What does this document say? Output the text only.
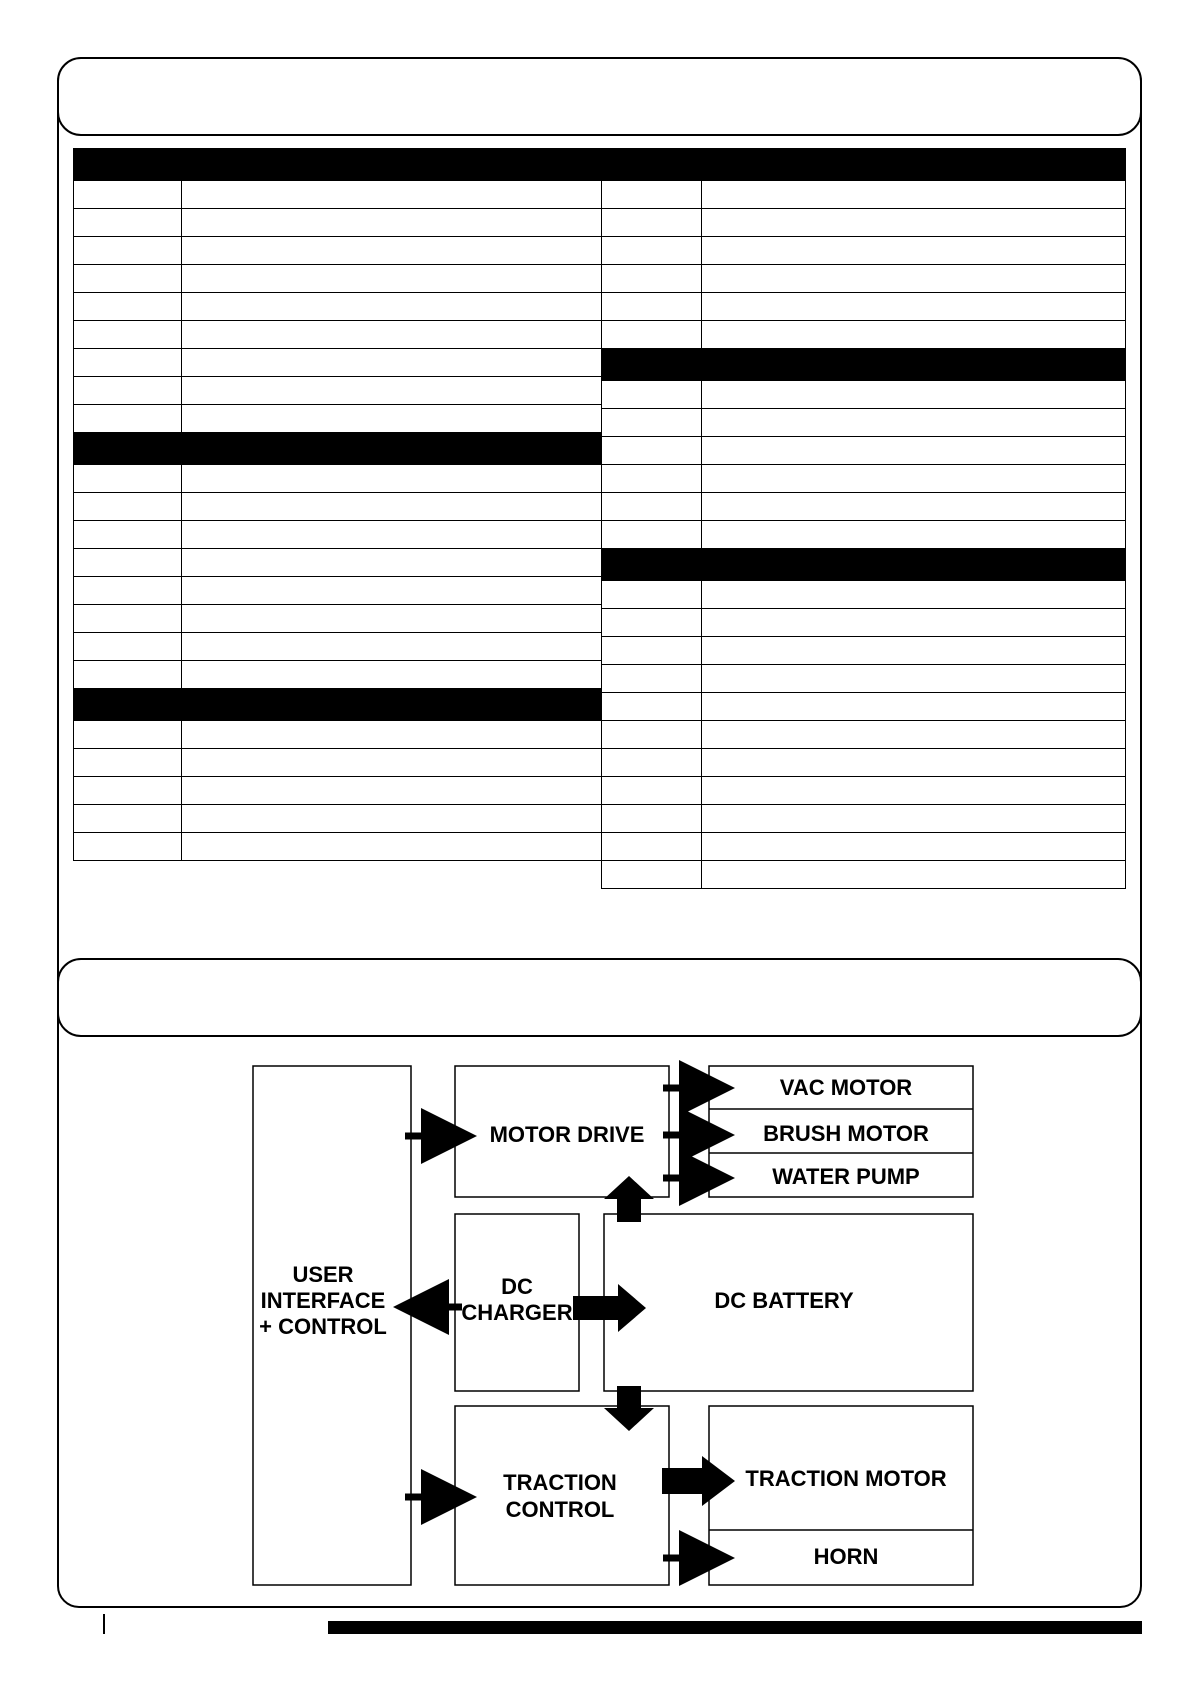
USER
INTERFACE
+ CONTROL
MOTOR DRIVE
VAC MOTOR
BRUSH MOTOR
WATER PUMP
DC
CHARGER	DC BATTERY
TRACTION
CONTROL
TRACTION MOTOR
HORN
